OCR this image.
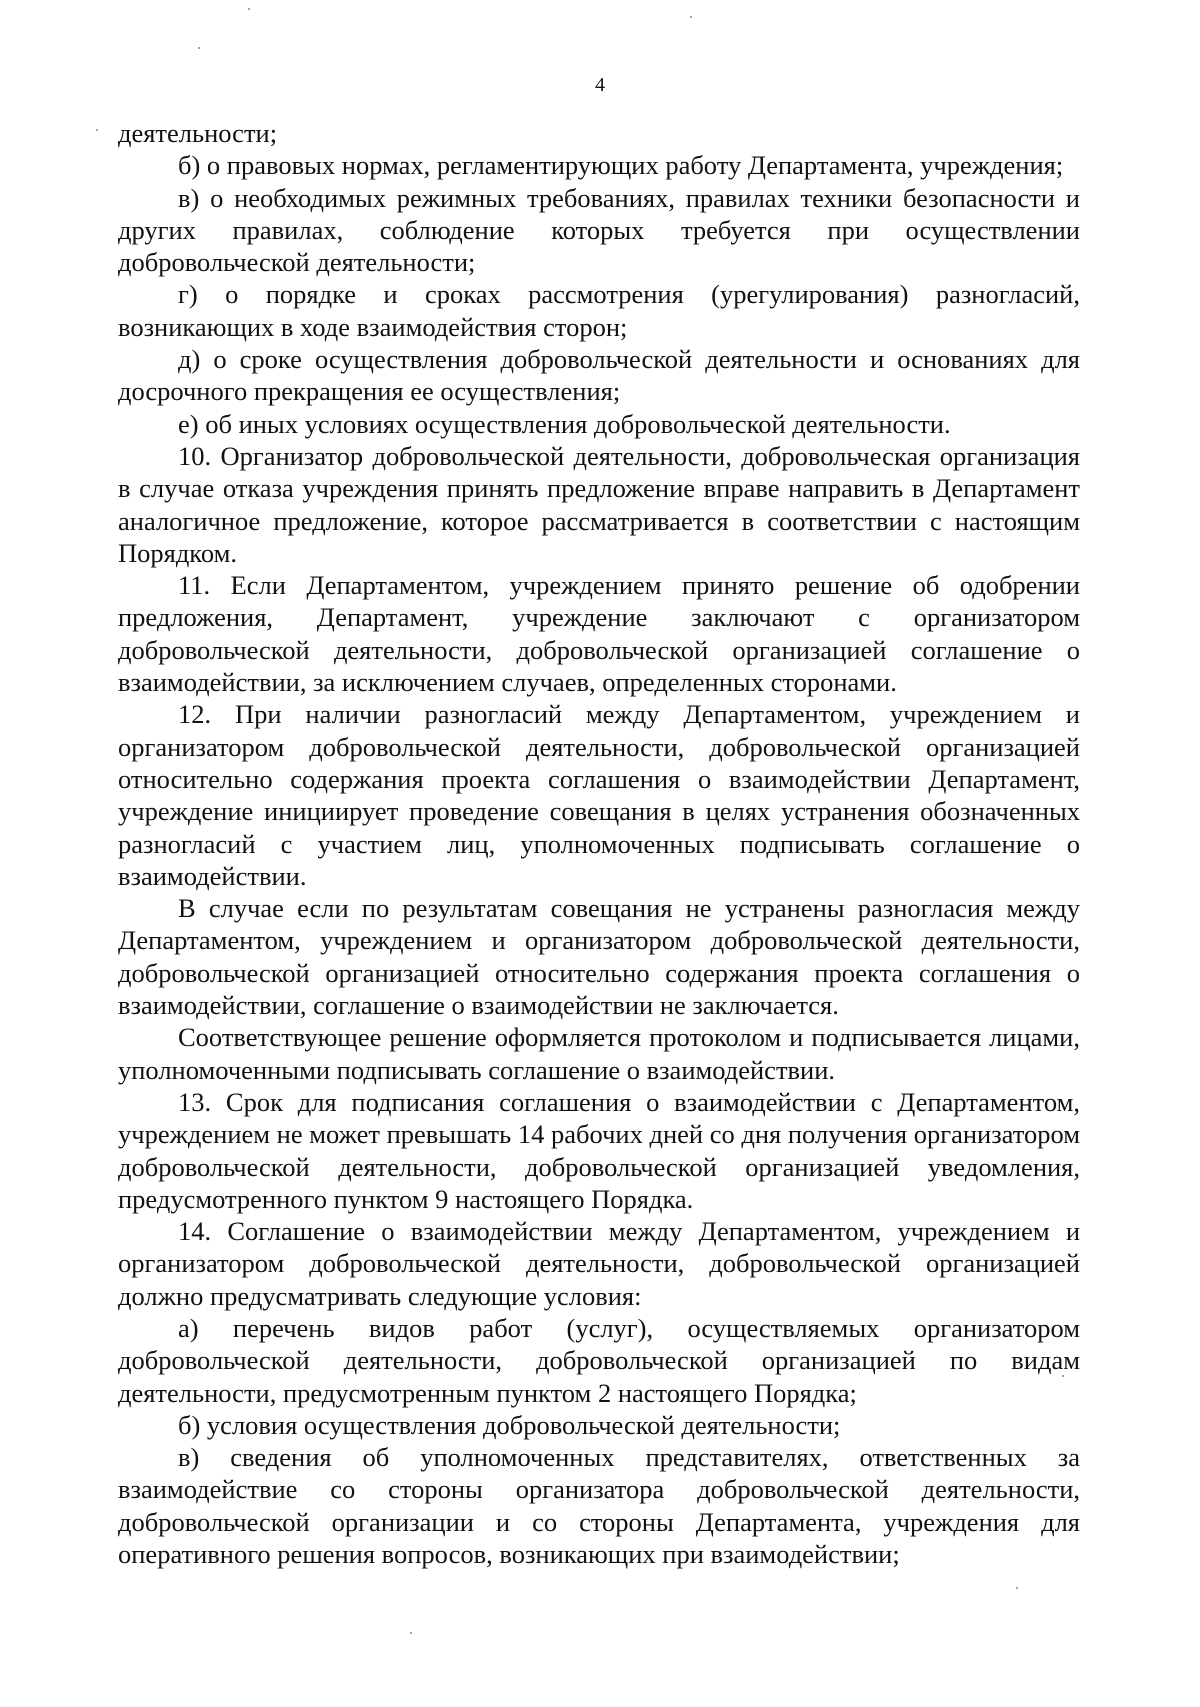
4

деятельности;

б) о правовых нормах, регламентирующих работу Департамента, учреждения;

в) о необходимых режимных требованиях, правилах техники безопасности и других правилах, соблюдение которых требуется при осуществлении добровольческой деятельности;

г) о порядке и сроках рассмотрения (урегулирования) разногласий, возникающих в ходе взаимодействия сторон;

д) о сроке осуществления добровольческой деятельности и основаниях для досрочного прекращения ее осуществления;

е) об иных условиях осуществления добровольческой деятельности.

10. Организатор добровольческой деятельности, добровольческая организация в случае отказа учреждения принять предложение вправе направить в Департамент аналогичное предложение, которое рассматривается в соответствии с настоящим Порядком.

11. Если Департаментом, учреждением принято решение об одобрении предложения, Департамент, учреждение заключают с организатором добровольческой деятельности, добровольческой организацией соглашение о взаимодействии, за исключением случаев, определенных сторонами.

12. При наличии разногласий между Департаментом, учреждением и организатором добровольческой деятельности, добровольческой организацией относительно содержания проекта соглашения о взаимодействии Департамент, учреждение инициирует проведение совещания в целях устранения обозначенных разногласий с участием лиц, уполномоченных подписывать соглашение о взаимодействии.

В случае если по результатам совещания не устранены разногласия между Департаментом, учреждением и организатором добровольческой деятельности, добровольческой организацией относительно содержания проекта соглашения о взаимодействии, соглашение о взаимодействии не заключается.

Соответствующее решение оформляется протоколом и подписывается лицами, уполномоченными подписывать соглашение о взаимодействии.

13. Срок для подписания соглашения о взаимодействии с Департаментом, учреждением не может превышать 14 рабочих дней со дня получения организатором добровольческой деятельности, добровольческой организацией уведомления, предусмотренного пунктом 9 настоящего Порядка.

14. Соглашение о взаимодействии между Департаментом, учреждением и организатором добровольческой деятельности, добровольческой организацией должно предусматривать следующие условия:

а) перечень видов работ (услуг), осуществляемых организатором добровольческой деятельности, добровольческой организацией по видам деятельности, предусмотренным пунктом 2 настоящего Порядка;

б) условия осуществления добровольческой деятельности;

в) сведения об уполномоченных представителях, ответственных за взаимодействие со стороны организатора добровольческой деятельности, добровольческой организации и со стороны Департамента, учреждения для оперативного решения вопросов, возникающих при взаимодействии;
